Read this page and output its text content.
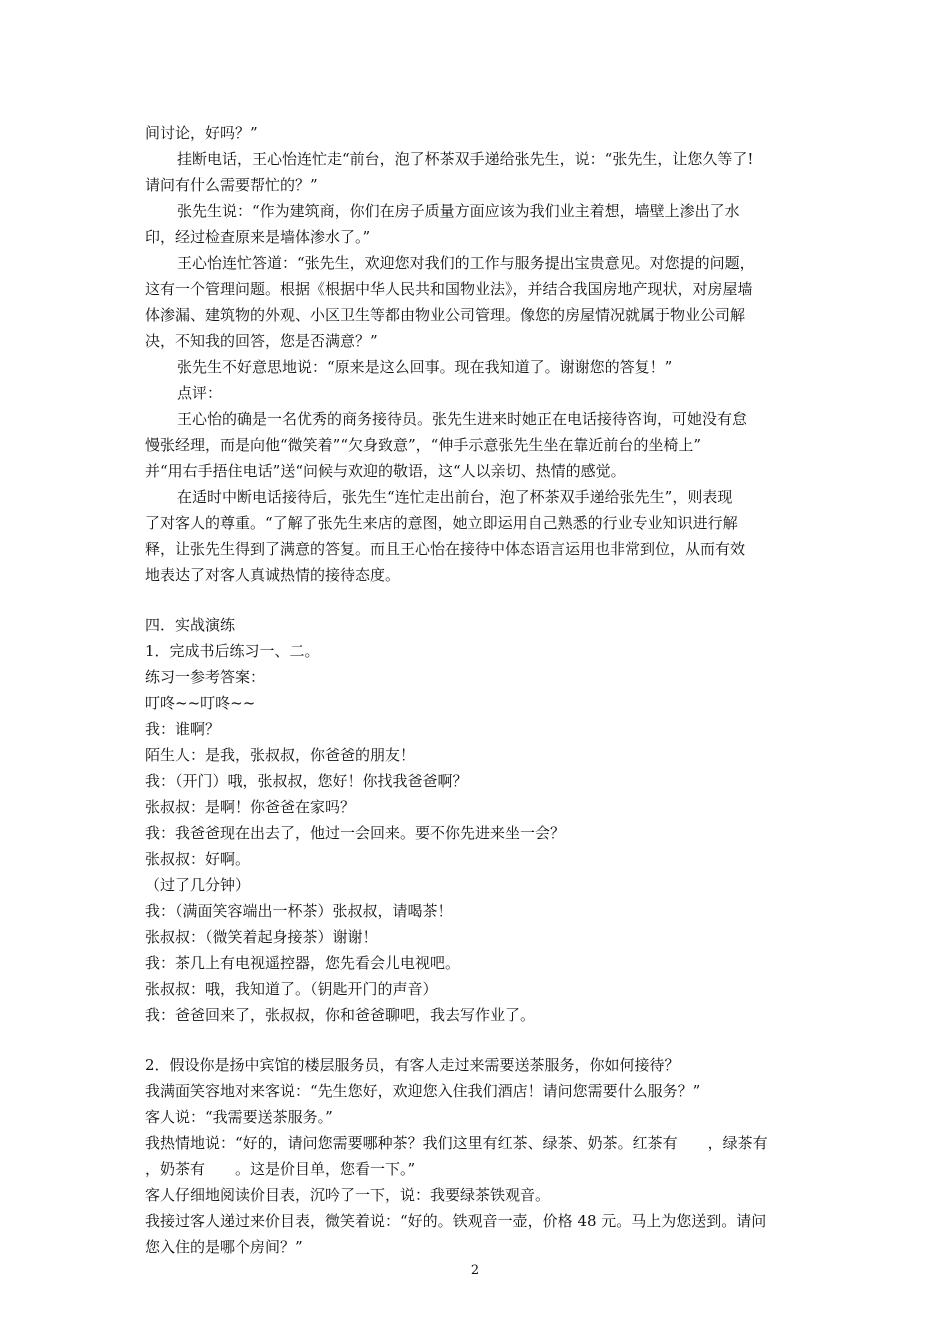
间讨论，好吗？”
挂断电话，王心怡连忙走“前台，泡了杯茶双手递给张先生，说：“张先生，让您久等了!
请问有什么需要帮忙的？”
张先生说：“作为建筑商，你们在房子质量方面应该为我们业主着想，墙壁上渗出了水
印，经过检查原来是墙体渗水了。”
王心怡连忙答道：“张先生，欢迎您对我们的工作与服务提出宝贵意见。对您提的问题，
这有一个管理问题。根据《根据中华人民共和国物业法》，并结合我国房地产现状，对房屋墙
体渗漏、建筑物的外观、小区卫生等都由物业公司管理。像您的房屋情况就属于物业公司解
决，不知我的回答，您是否满意？”
张先生不好意思地说：“原来是这么回事。现在我知道了。谢谢您的答复！”
点评：
王心怡的确是一名优秀的商务接待员。张先生进来时她正在电话接待咨询，可她没有怠
慢张经理，而是向他“微笑着”“欠身致意”，“伸手示意张先生坐在靠近前台的坐椅上”
并“用右手捂住电话”送“问候与欢迎的敬语，这“人以亲切、热情的感觉。
在适时中断电话接待后，张先生“连忙走出前台，泡了杯茶双手递给张先生”，则表现
了对客人的尊重。“了解了张先生来店的意图，她立即运用自己熟悉的行业专业知识进行解
释，让张先生得到了满意的答复。而且王心怡在接待中体态语言运用也非常到位，从而有效
地表达了对客人真诚热情的接待态度。
四．实战演练
1．完成书后练习一、二。
练习一参考答案：
叮咚~~叮咚~~
我：谁啊？
陌生人：是我，张叔叔，你爸爸的朋友！
我：（开门）哦，张叔叔，您好！你找我爸爸啊？
张叔叔：是啊！你爸爸在家吗？
我：我爸爸现在出去了，他过一会回来。要不你先进来坐一会？
张叔叔：好啊。
（过了几分钟）
我：（满面笑容端出一杯茶）张叔叔，请喝茶！
张叔叔：（微笑着起身接茶）谢谢！
我：茶几上有电视遥控器，您先看会儿电视吧。
张叔叔：哦，我知道了。（钥匙开门的声音）
我：爸爸回来了，张叔叔，你和爸爸聊吧，我去写作业了。
2．假设你是扬中宾馆的楼层服务员，有客人走过来需要送茶服务，你如何接待？
我满面笑容地对来客说：“先生您好，欢迎您入住我们酒店！请问您需要什么服务？”
客人说：“我需要送茶服务。”
我热情地说：“好的，请问您需要哪种茶？我们这里有红茶、绿茶、奶茶。红茶有　　，绿茶有
，奶茶有　　。这是价目单，您看一下。”
客人仔细地阅读价目表，沉吟了一下，说：我要绿茶铁观音。
我接过客人递过来价目表，微笑着说：“好的。铁观音一壶，价格 48 元。马上为您送到。请问
您入住的是哪个房间？”
2
